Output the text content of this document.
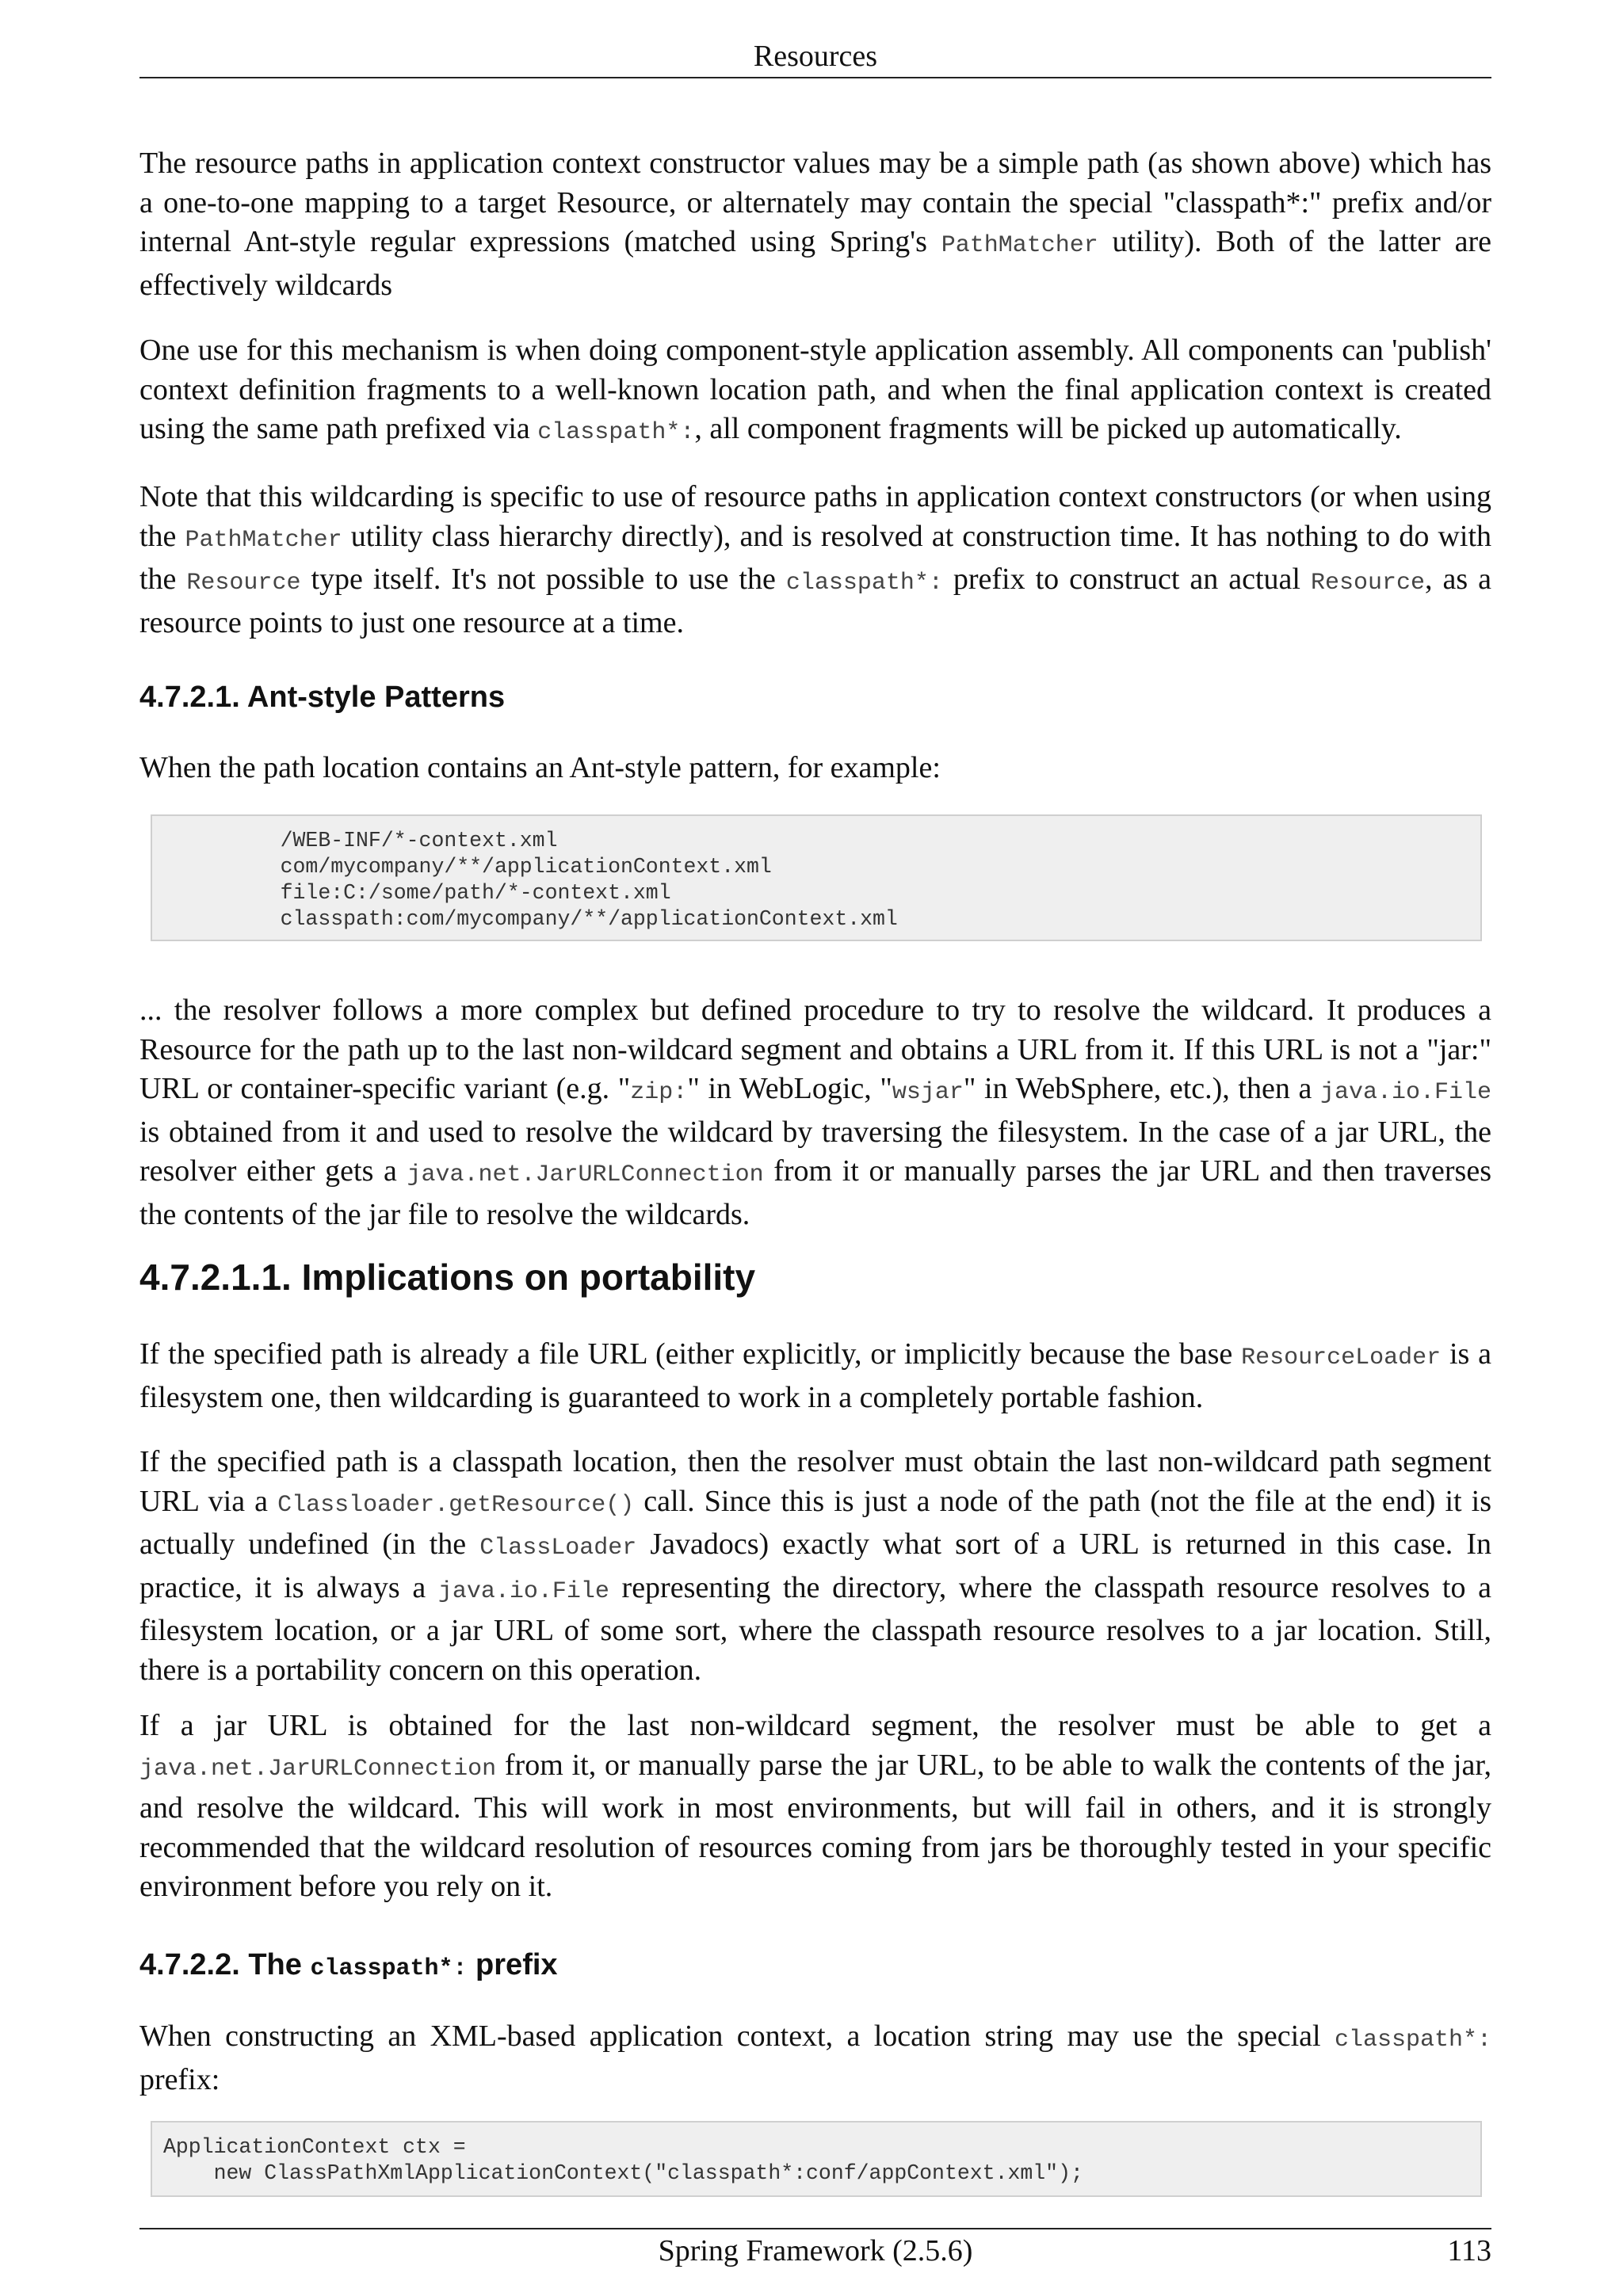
Resources

The resource paths in application context constructor values may be a simple path (as shown above) which has a one-to-one mapping to a target Resource, or alternately may contain the special "classpath*:" prefix and/or internal Ant-style regular expressions (matched using Spring's PathMatcher utility). Both of the latter are effectively wildcards

One use for this mechanism is when doing component-style application assembly. All components can 'publish' context definition fragments to a well-known location path, and when the final application context is created using the same path prefixed via classpath*:, all component fragments will be picked up automatically.

Note that this wildcarding is specific to use of resource paths in application context constructors (or when using the PathMatcher utility class hierarchy directly), and is resolved at construction time. It has nothing to do with the Resource type itself. It's not possible to use the classpath*: prefix to construct an actual Resource, as a resource points to just one resource at a time.

4.7.2.1. Ant-style Patterns

When the path location contains an Ant-style pattern, for example:

/WEB-INF/*-context.xml
com/mycompany/**/applicationContext.xml
file:C:/some/path/*-context.xml
classpath:com/mycompany/**/applicationContext.xml

... the resolver follows a more complex but defined procedure to try to resolve the wildcard. It produces a Resource for the path up to the last non-wildcard segment and obtains a URL from it. If this URL is not a "jar:" URL or container-specific variant (e.g. "zip:" in WebLogic, "wsjar" in WebSphere, etc.), then a java.io.File is obtained from it and used to resolve the wildcard by traversing the filesystem. In the case of a jar URL, the resolver either gets a java.net.JarURLConnection from it or manually parses the jar URL and then traverses the contents of the jar file to resolve the wildcards.

4.7.2.1.1. Implications on portability

If the specified path is already a file URL (either explicitly, or implicitly because the base ResourceLoader is a filesystem one, then wildcarding is guaranteed to work in a completely portable fashion.

If the specified path is a classpath location, then the resolver must obtain the last non-wildcard path segment URL via a Classloader.getResource() call. Since this is just a node of the path (not the file at the end) it is actually undefined (in the ClassLoader Javadocs) exactly what sort of a URL is returned in this case. In practice, it is always a java.io.File representing the directory, where the classpath resource resolves to a filesystem location, or a jar URL of some sort, where the classpath resource resolves to a jar location. Still, there is a portability concern on this operation.

If a jar URL is obtained for the last non-wildcard segment, the resolver must be able to get a java.net.JarURLConnection from it, or manually parse the jar URL, to be able to walk the contents of the jar, and resolve the wildcard. This will work in most environments, but will fail in others, and it is strongly recommended that the wildcard resolution of resources coming from jars be thoroughly tested in your specific environment before you rely on it.

4.7.2.2. The classpath*: prefix

When constructing an XML-based application context, a location string may use the special classpath*: prefix:

ApplicationContext ctx =
new ClassPathXmlApplicationContext("classpath*:conf/appContext.xml");
Spring Framework (2.5.6)	113
